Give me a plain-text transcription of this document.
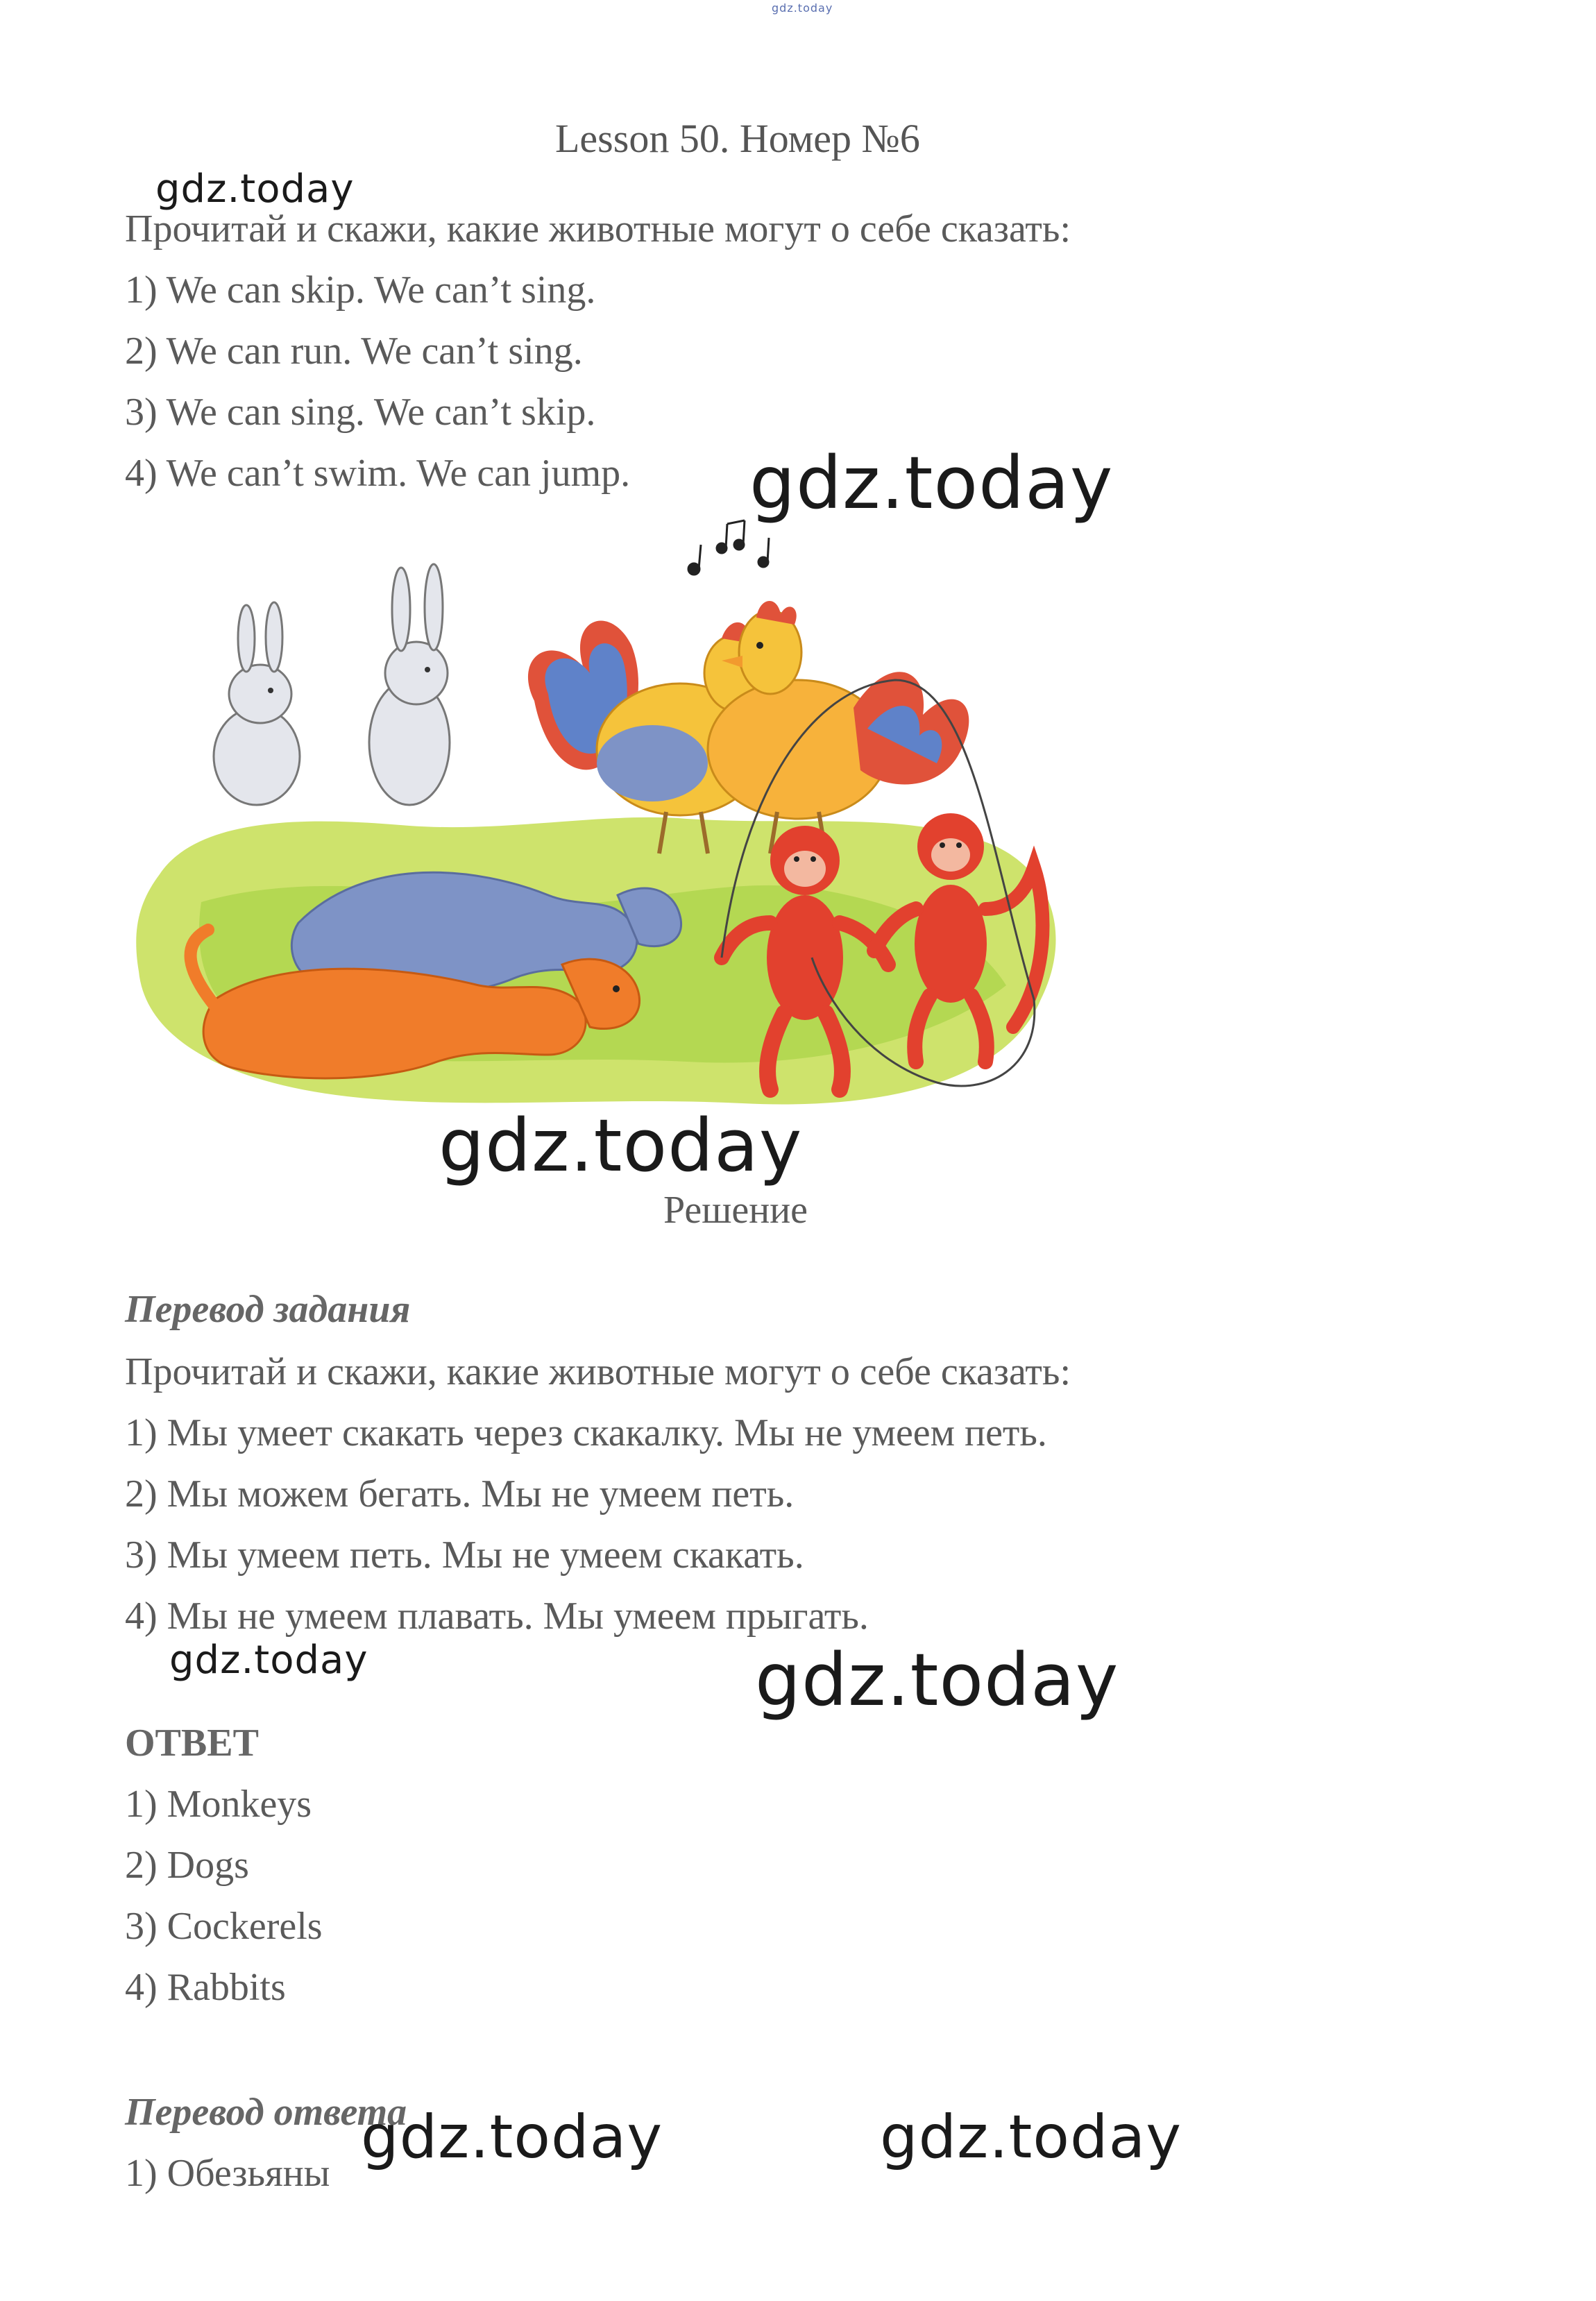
gdz.today
Lesson 50. Номер №6
gdz.today
Прочитай и скажи, какие животные могут о себе сказать:
1) We can skip. We can’t sing.
2) We can run. We can’t sing.
3) We can sing. We can’t skip.
4) We can’t swim. We can jump. gdz.today
gdz.today
Решение
Перевод задания
Прочитай и скажи, какие животные могут о себе сказать:
1) Мы умеет скакать через скакалку. Мы не умеем петь.
2) Мы можем бегать. Мы не умеем петь.
3) Мы умеем петь. Мы не умеем скакать.
4) Мы не умеем плавать. Мы умеем прыгать.
gdz.today	gdz.today
ОТВЕТ
1) Monkeys
2) Dogs
3) Cockerels
4) Rabbits
Перевод ответа
1) Обезьяны
gdz.today	gdz.today
